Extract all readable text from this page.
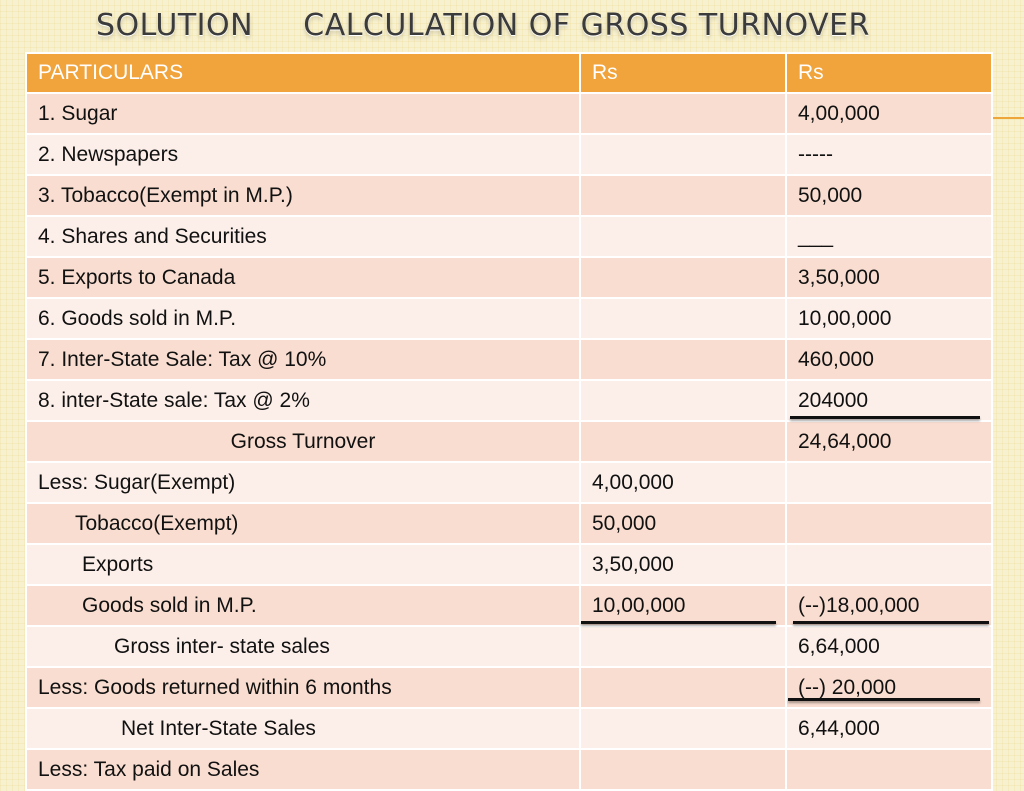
SOLUTION     CALCULATION OF GROSS TURNOVER
PARTICULARS	Rs	Rs
1. Sugar		4,00,000
2. Newspapers		-----
3. Tobacco(Exempt in M.P.)		50,000
4. Shares and Securities		___
5. Exports to Canada		3,50,000
6. Goods sold in M.P.		10,00,000
7. Inter-State Sale: Tax @ 10%		460,000
8. inter-State sale: Tax @ 2%		204000
Gross Turnover		24,64,000
Less: Sugar(Exempt)	4,00,000	
Tobacco(Exempt)	50,000	
Exports	3,50,000	
Goods sold in M.P.	10,00,000	(--)18,00,000
Gross inter- state sales		6,64,000
Less: Goods returned within 6 months		(--) 20,000
Net Inter-State Sales		6,44,000
Less: Tax paid on Sales		
